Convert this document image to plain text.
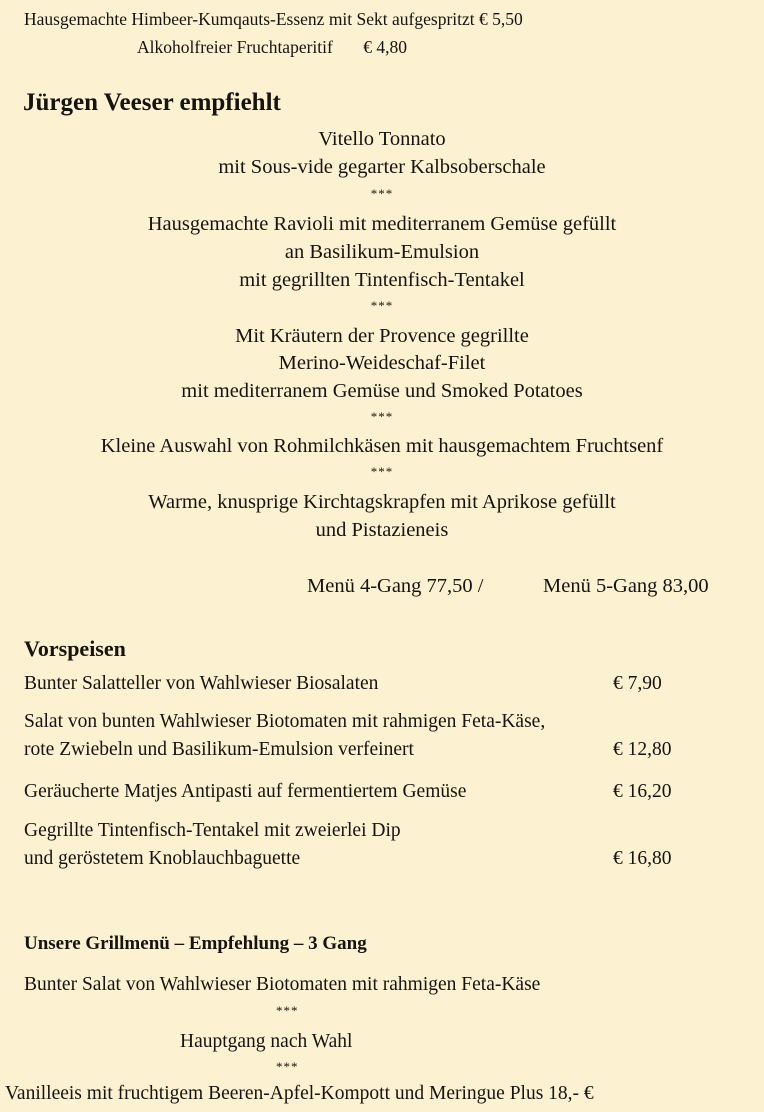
Hausgemachte Himbeer-Kumqauts-Essenz mit Sekt aufgespritzt € 5,50
Alkoholfreier Fruchtaperitif € 4,80
Jürgen Veeser empfiehlt
Vitello Tonnato
mit Sous-vide gegarter Kalbsoberschale
***
Hausgemachte Ravioli mit mediterranem Gemüse gefüllt
an Basilikum-Emulsion
mit gegrillten Tintenfisch-Tentakel
***
Mit Kräutern der Provence gegrillte
Merino-Weideschaf-Filet
mit mediterranem Gemüse und Smoked Potatoes
***
Kleine Auswahl von Rohmilchkäsen mit hausgemachtem Fruchtsenf
***
Warme, knusprige Kirchtagskrapfen mit Aprikose gefüllt
und Pistazieneis
Menü 4-Gang 77,50 /	Menü 5-Gang 83,00
Vorspeisen
Bunter Salatteller von Wahlwieser Biosalaten	€ 7,90
Salat von bunten Wahlwieser Biotomaten mit rahmigen Feta-Käse,
rote Zwiebeln und Basilikum-Emulsion verfeinert	€ 12,80
Geräucherte Matjes Antipasti auf fermentiertem Gemüse	€ 16,20
Gegrillte Tintenfisch-Tentakel mit zweierlei Dip
und geröstetem Knoblauchbaguette	€ 16,80
Unsere Grillmenü – Empfehlung – 3 Gang
Bunter Salat von Wahlwieser Biotomaten mit rahmigen Feta-Käse
***
Hauptgang nach Wahl
***
Vanilleeis mit fruchtigem Beeren-Apfel-Kompott und Meringue Plus 18,- €
